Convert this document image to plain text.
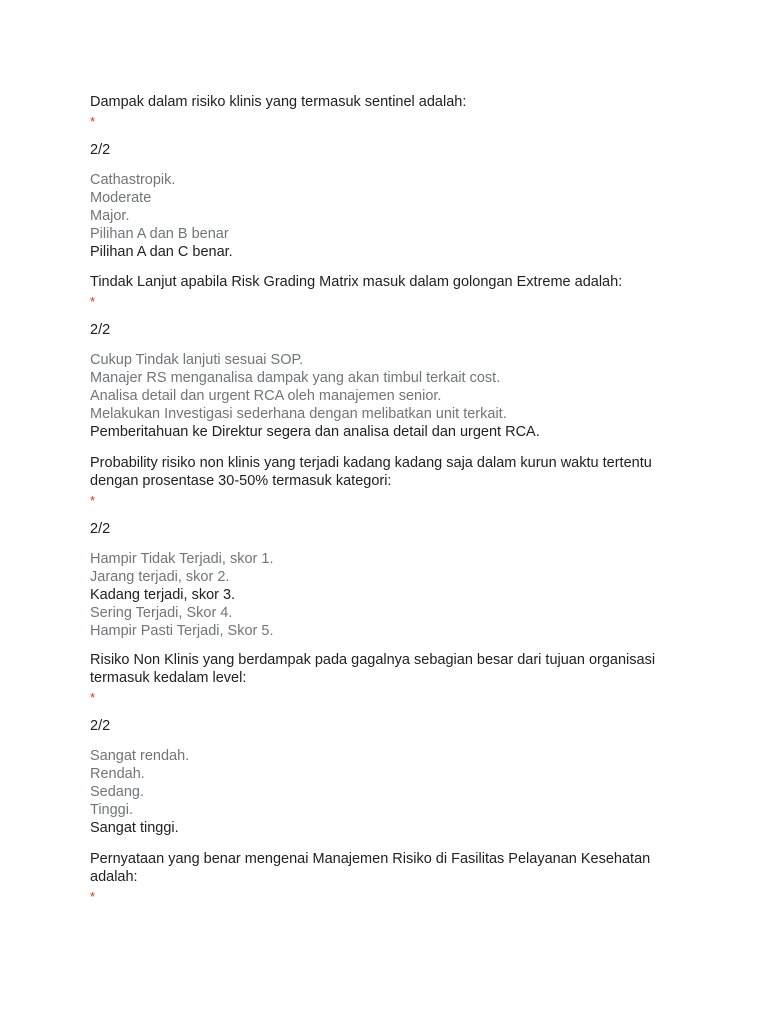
Dampak dalam risiko klinis yang termasuk sentinel adalah:

*
2/2

Cathastropik.

Moderate

Major.

Pilihan A dan B benar

Pilihan A dan C benar.

Tindak Lanjut apabila Risk Grading Matrix masuk dalam golongan Extreme adalah:

*
2/2

Cukup Tindak lanjuti sesuai SOP.

Manajer RS menganalisa dampak yang akan timbul terkait cost.

Analisa detail dan urgent RCA oleh manajemen senior.

Melakukan Investigasi sederhana dengan melibatkan unit terkait.

Pemberitahuan ke Direktur segera dan analisa detail dan urgent RCA.

Probability risiko non klinis yang terjadi kadang kadang saja dalam kurun waktu tertentu dengan prosentase 30-50% termasuk kategori:

*
2/2

Hampir Tidak Terjadi, skor 1.

Jarang terjadi, skor 2.

Kadang terjadi, skor 3.

Sering Terjadi, Skor 4.

Hampir Pasti Terjadi, Skor 5.

Risiko Non Klinis yang berdampak pada gagalnya sebagian besar dari tujuan organisasi termasuk kedalam level:

*
2/2

Sangat rendah.

Rendah.

Sedang.

Tinggi.

Sangat tinggi.

Pernyataan yang benar mengenai Manajemen Risiko di Fasilitas Pelayanan Kesehatan adalah:

*
